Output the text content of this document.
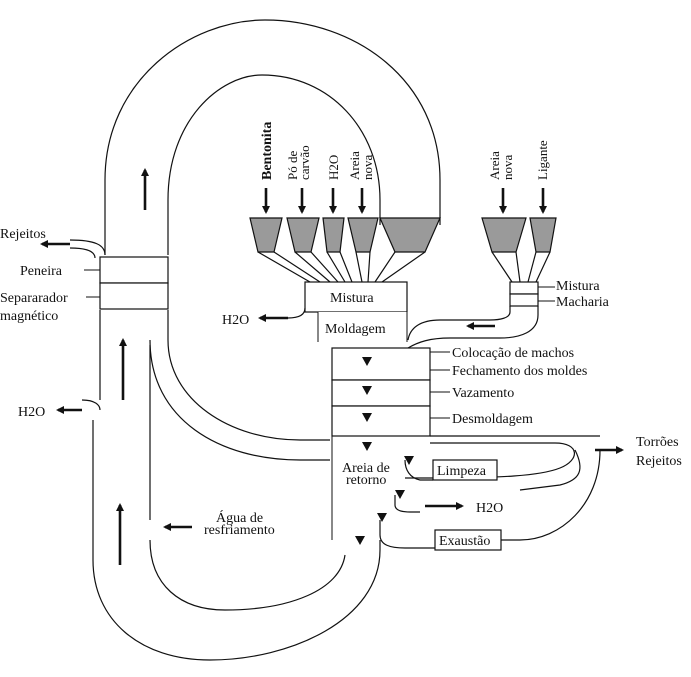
Rejeitos
Peneira
Separarador
magnético
H2O
Bentonita Pó de
carvão H2O Areia
nova	Areia
nova Ligante
Mistura
Moldagem
H2O
Mistura
Macharia
Colocação de machos
Fechamento dos moldes
Vazamento
Desmoldagem
Torrões
Rejeitos
Limpeza
H2O
Exaustão
Areia de
retorno
Água de
resfriamento
